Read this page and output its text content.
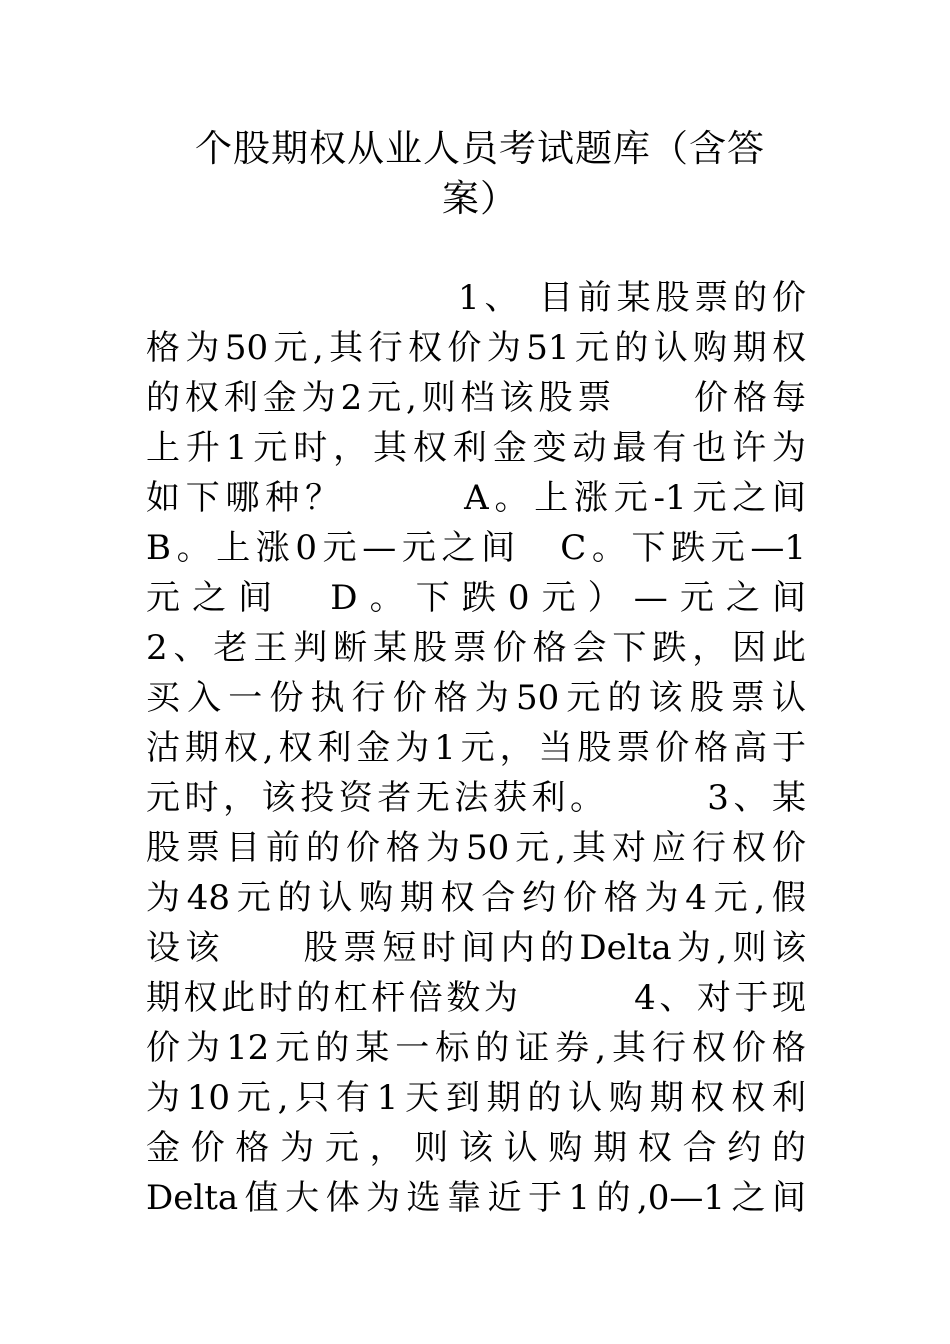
个股期权从业人员考试题库（含答
案）
1、 目前某股票的价
格为50元,其行权价为51元的认购期权
的权利金为2元,则档该股票　　价格每
上升1元时，其权利金变动最有也许为
如下哪种？　　　A。上涨元-1元之间
B。上涨0元—元之间　C。下跌元—1
元之间　D。下跌0元）—元之间
2、老王判断某股票价格会下跌，因此
买入一份执行价格为50元的该股票认
沽期权,权利金为1元，当股票价格高于
元时，该投资者无法获利。　　　3、某
股票目前的价格为50元,其对应行权价
为48元的认购期权合约价格为4元,假
设该　　股票短时间内的Delta为,则该
期权此时的杠杆倍数为　　　4、对于现
价为12元的某一标的证券,其行权价格
为10元,只有1天到期的认购期权权利
金价格为元，则该认购期权合约的
Delta值大体为选靠近于1的,0—1之间
